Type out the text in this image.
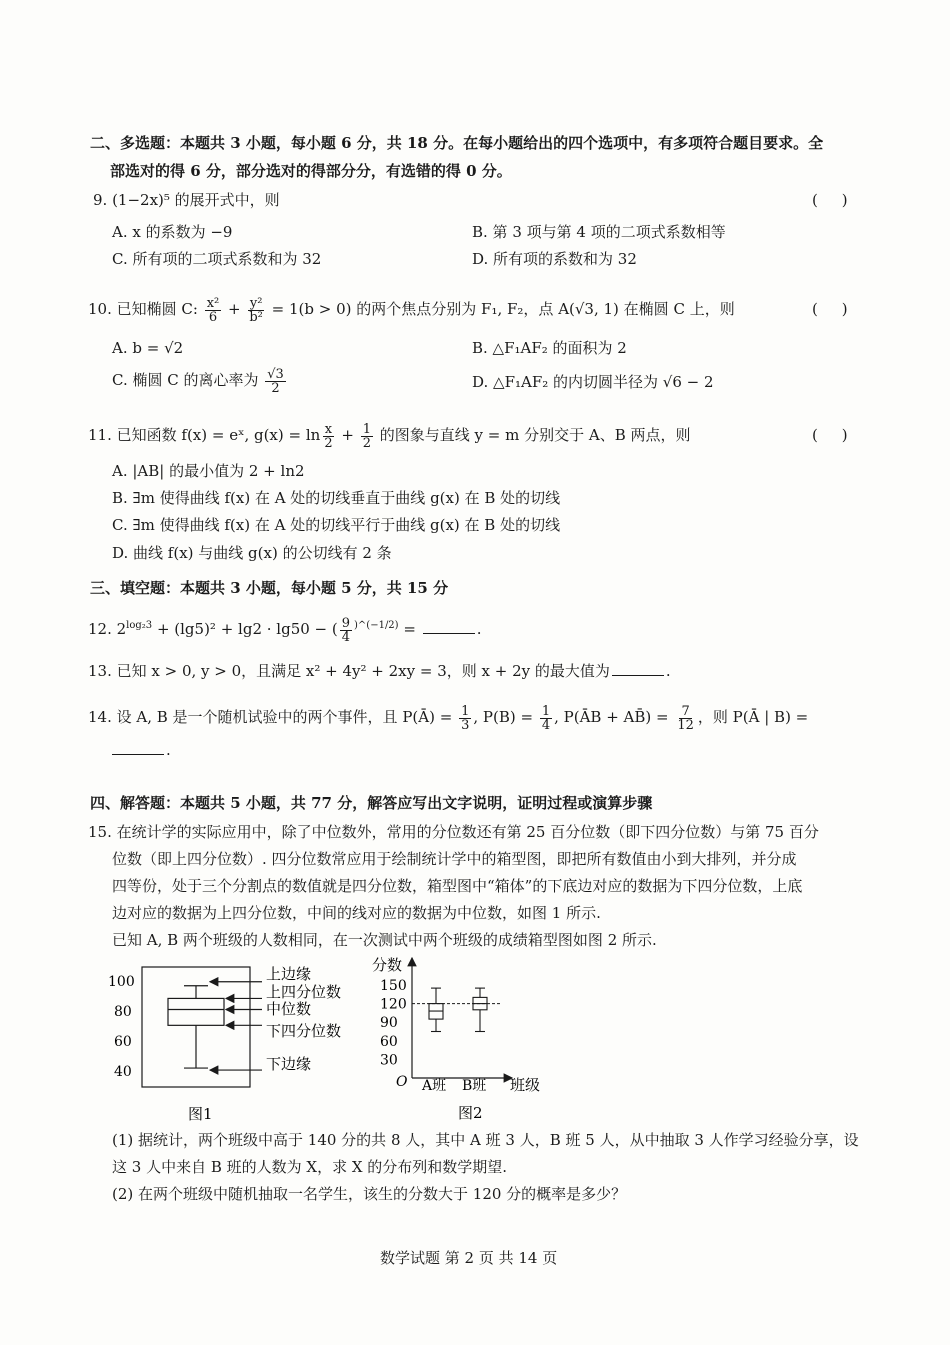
二、多选题：本题共 3 小题，每小题 6 分，共 18 分。在每小题给出的四个选项中，有多项符合题目要求。全
部选对的得 6 分，部分选对的得部分分，有选错的得 0 分。
9. (1−2x)⁵ 的展开式中，则	(     )
A. x 的系数为 −9	B. 第 3 项与第 4 项的二项式系数相等
C. 所有项的二项式系数和为 32	D. 所有项的系数和为 32
10. 已知椭圆 C: $\frac{\text{x²}}{6} + \frac{\text{y²}}{\text{b²}} = 1(b > 0)$ 的两个焦点分别为 F₁, F₂，点 A(√3, 1) 在椭圆 C 上，则	(     )
A. b = √2	B. △F₁AF₂ 的面积为 2
C. 椭圆 C 的离心率为 $\frac{√3}{2}$	D. △F₁AF₂ 的内切圆半径为 √6 − 2
11. 已知函数 f(x) = eˣ, $g(x) = \ln \frac{x}{2} + \frac{1}{2}$ 的图象与直线 y = m 分别交于 A、B 两点，则	(     )
A. |AB| 的最小值为 2 + ln2
B. ∃m 使得曲线 f(x) 在 A 处的切线垂直于曲线 g(x) 在 B 处的切线
C. ∃m 使得曲线 f(x) 在 A 处的切线平行于曲线 g(x) 在 B 处的切线
D. 曲线 f(x) 与曲线 g(x) 的公切线有 2 条
三、填空题：本题共 3 小题，每小题 5 分，共 15 分
12. $2^{log_23} + (\lg 5)^2 + \lg 2 \cdot \lg 50$ − ( $\frac{9}{4} ^{)\^{}(-1/2)}$ =	.
13. 已知 x > 0, y > 0，且满足 x² + 4y² + 2xy = 3，则 x + 2y 的最大值为	.
14. 设 A, B 是一个随机试验中的两个事件，且 P(Ā) = $\frac{1}{3}$ , $P(B) = \frac{1}{4}$ , P(ĀB + AB̄) = $\frac{7}{12}$ ，则 P(Ā | B) =
.
四、解答题：本题共 5 小题，共 77 分，解答应写出文字说明，证明过程或演算步骤
15. 在统计学的实际应用中，除了中位数外，常用的分位数还有第 25 百分位数（即下四分位数）与第 75 百分
位数（即上四分位数）. 四分位数常应用于绘制统计学中的箱型图，即把所有数值由小到大排列，并分成
四等份，处于三个分割点的数值就是四分位数，箱型图中“箱体”的下底边对应的数据为下四分位数，上底
边对应的数据为上四分位数，中间的线对应的数据为中位数，如图 1 所示.
已知 A, B 两个班级的人数相同，在一次测试中两个班级的成绩箱型图如图 2 所示.
100
80
60
40
上边缘
上四分位数
中位数
下四分位数
下边缘
图1
分数
150
120
90
60
30
O A班 B班 班级
图2
(1) 据统计，两个班级中高于 140 分的共 8 人，其中 A 班 3 人，B 班 5 人，从中抽取 3 人作学习经验分享，设
这 3 人中来自 B 班的人数为 X，求 X 的分布列和数学期望.
(2) 在两个班级中随机抽取一名学生，该生的分数大于 120 分的概率是多少？
数学试题 第 2 页 共 14 页
